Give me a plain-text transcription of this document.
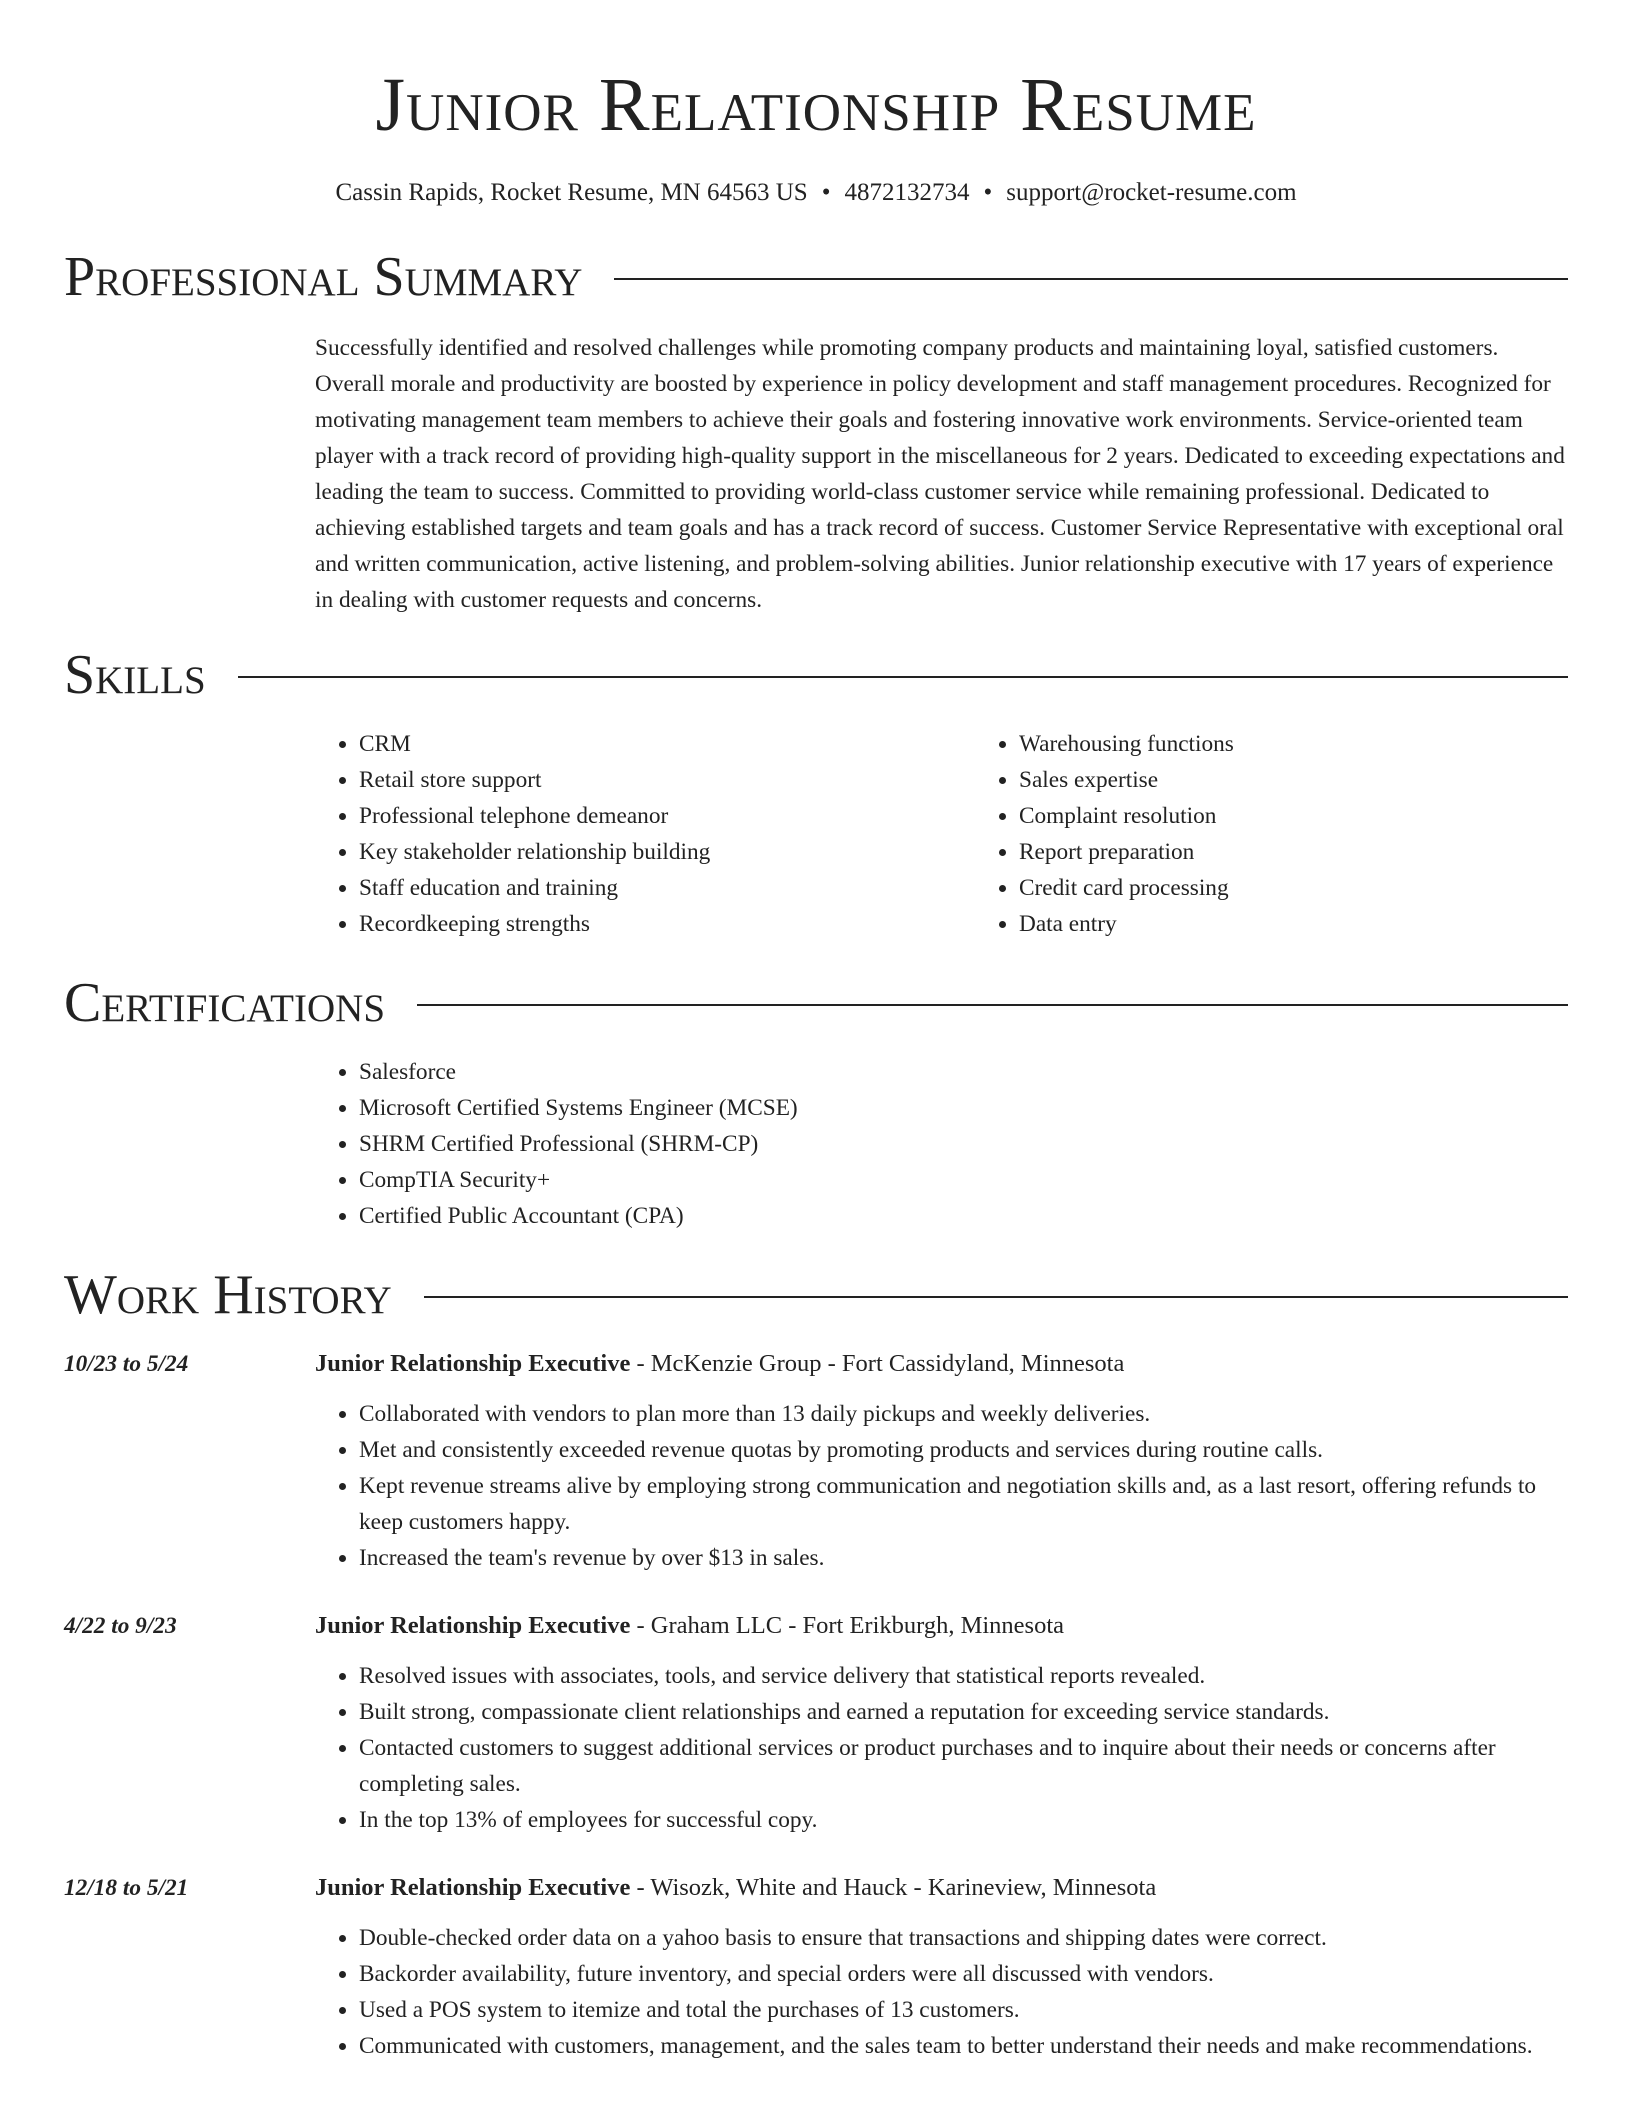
Junior Relationship Resume
Cassin Rapids, Rocket Resume, MN 64563 US • 4872132734 • support@rocket-resume.com
Professional Summary
Successfully identified and resolved challenges while promoting company products and maintaining loyal, satisfied customers. Overall morale and productivity are boosted by experience in policy development and staff management procedures. Recognized for motivating management team members to achieve their goals and fostering innovative work environments. Service-oriented team player with a track record of providing high-quality support in the miscellaneous for 2 years. Dedicated to exceeding expectations and leading the team to success. Committed to providing world-class customer service while remaining professional. Dedicated to achieving established targets and team goals and has a track record of success. Customer Service Representative with exceptional oral and written communication, active listening, and problem-solving abilities. Junior relationship executive with 17 years of experience in dealing with customer requests and concerns.
Skills
• CRM
• Retail store support
• Professional telephone demeanor
• Key stakeholder relationship building
• Staff education and training
• Recordkeeping strengths
• Warehousing functions
• Sales expertise
• Complaint resolution
• Report preparation
• Credit card processing
• Data entry
Certifications
• Salesforce
• Microsoft Certified Systems Engineer (MCSE)
• SHRM Certified Professional (SHRM-CP)
• CompTIA Security+
• Certified Public Accountant (CPA)
Work History
10/23 to 5/24	Junior Relationship Executive - McKenzie Group - Fort Cassidyland, Minnesota
• Collaborated with vendors to plan more than 13 daily pickups and weekly deliveries.
• Met and consistently exceeded revenue quotas by promoting products and services during routine calls.
• Kept revenue streams alive by employing strong communication and negotiation skills and, as a last resort, offering refunds to keep customers happy.
• Increased the team's revenue by over $13 in sales.
4/22 to 9/23	Junior Relationship Executive - Graham LLC - Fort Erikburgh, Minnesota
• Resolved issues with associates, tools, and service delivery that statistical reports revealed.
• Built strong, compassionate client relationships and earned a reputation for exceeding service standards.
• Contacted customers to suggest additional services or product purchases and to inquire about their needs or concerns after completing sales.
• In the top 13% of employees for successful copy.
12/18 to 5/21	Junior Relationship Executive - Wisozk, White and Hauck - Karineview, Minnesota
• Double-checked order data on a yahoo basis to ensure that transactions and shipping dates were correct.
• Backorder availability, future inventory, and special orders were all discussed with vendors.
• Used a POS system to itemize and total the purchases of 13 customers.
• Communicated with customers, management, and the sales team to better understand their needs and make recommendations.
